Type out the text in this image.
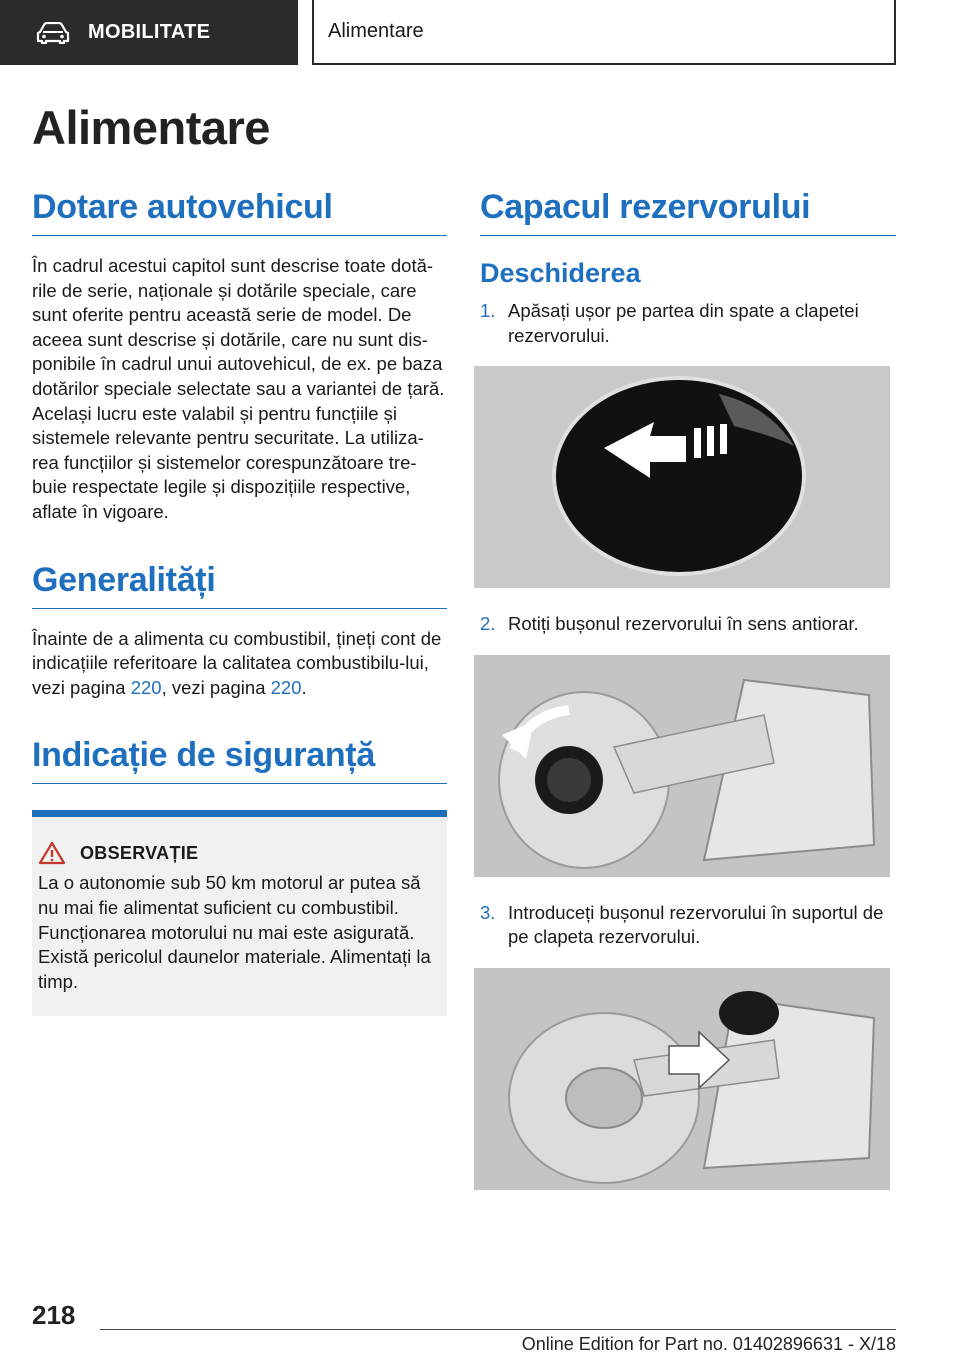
MOBILITATE	Alimentare
Alimentare
Dotare autovehicul

În cadrul acestui capitol sunt descrise toate dotă-rile de serie, naționale și dotările speciale, care sunt oferite pentru această serie de model. De aceea sunt descrise și dotările, care nu sunt dis-ponibile în cadrul unui autovehicul, de ex. pe baza dotărilor speciale selectate sau a variantei de țară. Același lucru este valabil și pentru funcțiile și sistemele relevante pentru securitate. La utiliza-rea funcțiilor și sistemelor corespunzătoare tre-buie respectate legile și dispozițiile respective, aflate în vigoare.

Generalități

Înainte de a alimenta cu combustibil, țineți cont de indicațiile referitoare la calitatea combustibilu-lui, vezi pagina 220, vezi pagina 220.

Indicație de siguranță
OBSERVAȚIE

La o autonomie sub 50 km motorul ar putea să nu mai fie alimentat suficient cu combustibil. Funcționarea motorului nu mai este asigurată. Există pericolul daunelor materiale. Alimentați la timp.

Capacul rezervorului
Deschiderea
1. Apăsați ușor pe partea din spate a clapetei rezervorului.
2. Rotiți bușonul rezervorului în sens antiorar.
3. Introduceți bușonul rezervorului în suportul de pe clapeta rezervorului.
218
Online Edition for Part no. 01402896631 - X/18
